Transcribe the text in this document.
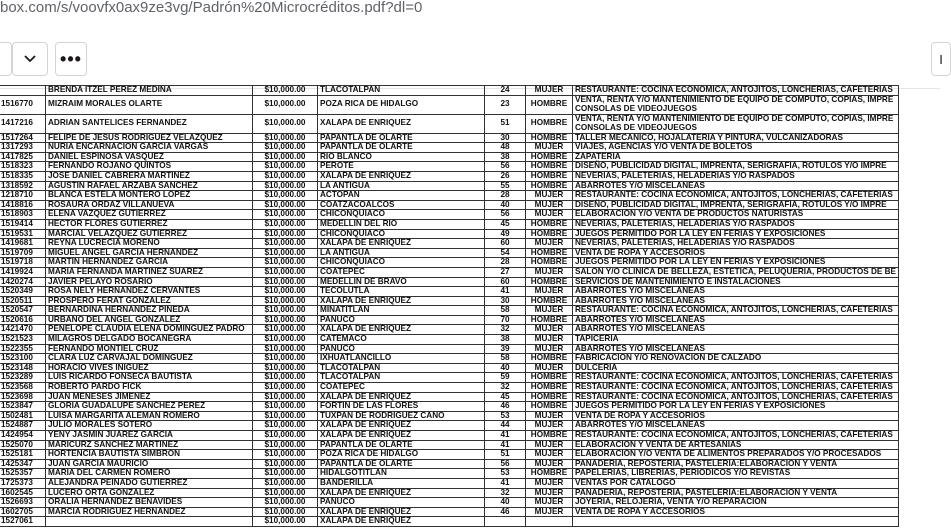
box.com/s/voovfx0ax9ze3vg/Padrón%20Microcréditos.pdf?dl=0
•••	I
	BRENDA ITZEL PEREZ MEDINA	$10,000.00	TLACOTALPAN	24	MUJER	RESTAURANTE: COCINA ECONOMICA, ANTOJITOS, LONCHERIAS, CAFETERIAS
1516770	MIZRAIM MORALES OLARTE	$10,000.00	POZA RICA DE HIDALGO	23	HOMBRE	VENTA, RENTA Y/O MANTENIMIENTO DE EQUIPO DE COMPUTO, COPIAS, IMPRE CONSOLAS DE VIDEOJUEGOS
1417216	ADRIAN SANTELICES FERNANDEZ	$10,000.00	XALAPA DE ENRIQUEZ	51	HOMBRE	VENTA, RENTA Y/O MANTENIMIENTO DE EQUIPO DE COMPUTO, COPIAS, IMPRE CONSOLAS DE VIDEOJUEGOS
1517264	FELIPE DE JESUS RODRIGUEZ VELAZQUEZ	$10,000.00	PAPANTLA DE OLARTE	30	HOMBRE	TALLER MECANICO, HOJALATERIA Y PINTURA, VULCANIZADORAS
1317293	NURIA ENCARNACION GARCIA VARGAS	$10,000.00	PAPANTLA DE OLARTE	48	MUJER	VIAJES, AGENCIAS Y/O VENTA DE BOLETOS
1417825	DANIEL ESPINOSA VASQUEZ	$10,000.00	RIO BLANCO	38	HOMBRE	ZAPATERIA
1518323	FERNANDO ROJANO QUINTOS	$10,000.00	PEROTE	56	HOMBRE	DISEÑO, PUBLICIDAD DIGITAL, IMPRENTA, SERIGRAFIA, ROTULOS Y/O IMPRE
1518335	JOSE DANIEL CABRERA MARTINEZ	$10,000.00	XALAPA DE ENRIQUEZ	26	HOMBRE	NEVERIAS, PALETERIAS, HELADERIAS Y/O RASPADOS
1318592	AGUSTIN RAFAEL ARZABA SANCHEZ	$10,000.00	LA ANTIGUA	55	HOMBRE	ABARROTES Y/O MISCELANEAS
1218710	BLANCA ESTELA MONTERO LOPEZ	$10,000.00	ACTOPAN	28	MUJER	RESTAURANTE: COCINA ECONOMICA, ANTOJITOS, LONCHERIAS, CAFETERIAS
1418816	ROSAURA ORDAZ VILLANUEVA	$10,000.00	COATZACOALCOS	40	MUJER	DISEÑO, PUBLICIDAD DIGITAL, IMPRENTA, SERIGRAFIA, ROTULOS Y/O IMPRE
1518903	ELENA VAZQUEZ GUTIERREZ	$10,000.00	CHICONQUIACO	56	MUJER	ELABORACION Y/O VENTA DE PRODUCTOS NATURISTAS
1519414	HECTOR FLORES GUTIERREZ	$10,000.00	MEDELLIN DEL RIO	45	HOMBRE	NEVERIAS, PALETERIAS, HELADERIAS Y/O RASPADOS
1519531	MARCIAL VELAZQUEZ GUTIERREZ	$10,000.00	CHICONQUIACO	49	HOMBRE	JUEGOS PERMITIDO POR LA LEY EN FERIAS Y EXPOSICIONES
1419681	REYNA LUCRECIA MORENO	$10,000.00	XALAPA DE ENRIQUEZ	60	MUJER	NEVERIAS, PALETERIAS, HELADERIAS Y/O RASPADOS
1519709	MIGUEL ANGEL GARCIA HERNANDEZ	$10,000.00	LA ANTIGUA	54	HOMBRE	VENTA DE ROPA Y ACCESORIOS
1519718	MARTIN HERNANDEZ GARCIA	$10,000.00	CHICONQUIACO	28	HOMBRE	JUEGOS PERMITIDO POR LA LEY EN FERIAS Y EXPOSICIONES
1419924	MARIA FERNANDA MARTINEZ SUAREZ	$10,000.00	COATEPEC	27	MUJER	SALON Y/O CLINICA DE BELLEZA, ESTETICA, PELUQUERIA, PRODUCTOS DE BE
1420274	JAVIER PELAYO ROSARIO	$10,000.00	MEDELLIN DE BRAVO	60	HOMBRE	SERVICIOS DE MANTENIMIENTO E INSTALACIONES
1520349	ROSA NELY HERNANDEZ CERVANTES	$10,000.00	TECOLUTLA	41	MUJER	ABARROTES Y/O MISCELANEAS
1520511	PROSPERO FERAT GONZALEZ	$10,000.00	XALAPA DE ENRIQUEZ	30	HOMBRE	ABARROTES Y/O MISCELANEAS
1520547	BERNARDINA HERNANDEZ PINEDA	$10,000.00	MINATITLAN	58	MUJER	RESTAURANTE: COCINA ECONOMICA, ANTOJITOS, LONCHERIAS, CAFETERIAS
1520616	URBANO DEL ANGEL GONZALEZ	$10,000.00	PANUCO	70	HOMBRE	ABARROTES Y/O MISCELANEAS
1421470	PENELOPE CLAUDIA ELENA DOMINGUEZ PADRO	$10,000.00	XALAPA DE ENRIQUEZ	32	MUJER	ABARROTES Y/O MISCELANEAS
1521523	MILAGROS DELGADO BOCANEGRA	$10,000.00	CATEMACO	38	MUJER	TAPICERIA
1522355	FERNANDO MONTIEL CRUZ	$10,000.00	PANUCO	39	MUJER	ABARROTES Y/O MISCELANEAS
1523100	CLARA LUZ CARVAJAL DOMINGUEZ	$10,000.00	IXHUATLANCILLO	58	HOMBRE	FABRICACION Y/O RENOVACION DE CALZADO
1523148	HORACIO VIVES INIGUEZ	$10,000.00	TLACOTALPAN	40	MUJER	DULCERIA
1523289	LUIS RICARDO FONSECA BAUTISTA	$10,000.00	TLACOTALPAN	59	HOMBRE	RESTAURANTE: COCINA ECONOMICA, ANTOJITOS, LONCHERIAS, CAFETERIAS
1523568	ROBERTO PARDO FICK	$10,000.00	COATEPEC	32	HOMBRE	RESTAURANTE: COCINA ECONOMICA, ANTOJITOS, LONCHERIAS, CAFETERIAS
1523698	JUAN MENESES JIMENEZ	$10,000.00	XALAPA DE ENRIQUEZ	45	HOMBRE	RESTAURANTE: COCINA ECONOMICA, ANTOJITOS, LONCHERIAS, CAFETERIAS
1523847	GLORIA GUADALUPE SANCHEZ PEREZ	$10,000.00	FORTIN DE LAS FLORES	46	HOMBRE	JUEGOS PERMITIDO POR LA LEY EN FERIAS Y EXPOSICIONES
1502481	LUISA MARGARITA ALEMAN ROMERO	$10,000.00	TUXPAN DE RODRIGUEZ CANO	53	MUJER	VENTA DE ROPA Y ACCESORIOS
1524887	JULIO MORALES SOTERO	$10,000.00	XALAPA DE ENRIQUEZ	44	MUJER	ABARROTES Y/O MISCELANEAS
1424954	YENY JASMIN JUAREZ GARCIA	$10,000.00	XALAPA DE ENRIQUEZ	41	HOMBRE	RESTAURANTE: COCINA ECONOMICA, ANTOJITOS, LONCHERIAS, CAFETERIAS
1525070	MARICURZ SANCHEZ MARTINEZ	$10,000.00	PAPANTLA DE OLARTE	41	MUJER	ELABORACION Y VENTA DE ARTESANIAS
1525181	HORTENCIA BAUTISTA SIMBRON	$10,000.00	POZA RICA DE HIDALGO	51	MUJER	ELABORACION Y/O VENTA DE ALIMENTOS PREPARADOS Y/O PROCESADOS
1425347	JUAN GARCIA MAURICIO	$10,000.00	PAPANTLA DE OLARTE	56	MUJER	PANADERIA, REPOSTERIA, PASTELERIA:ELABORACION Y VENTA
1525357	MARIA DEL CARMEN ROMERO	$10,000.00	HIDALGOTITLAN	53	HOMBRE	PAPELERIAS, LIBRERIAS, PERIODICOS Y/O REVISTAS
1725373	ALEJANDRA PEINADO GUTIERREZ	$10,000.00	BANDERILLA	41	MUJER	VENTAS POR CATALOGO
1602545	LUCERO ORTA GONZALEZ	$10,000.00	XALAPA DE ENRIQUEZ	32	MUJER	PANADERIA, REPOSTERIA, PASTELERIA:ELABORACION Y VENTA
1526693	ORALIA HERNANDEZ BENAVIDES	$10,000.00	PANUCO	40	MUJER	JOYERIA, RELOJERIA, VENTA Y/O REPARACION
1602705	MARCIA RODRIGUEZ HERNANDEZ	$10,000.00	XALAPA DE ENRIQUEZ	46	MUJER	VENTA DE ROPA Y ACCESORIOS
1527061		$10,000.00	XALAPA DE ENRIQUEZ			
